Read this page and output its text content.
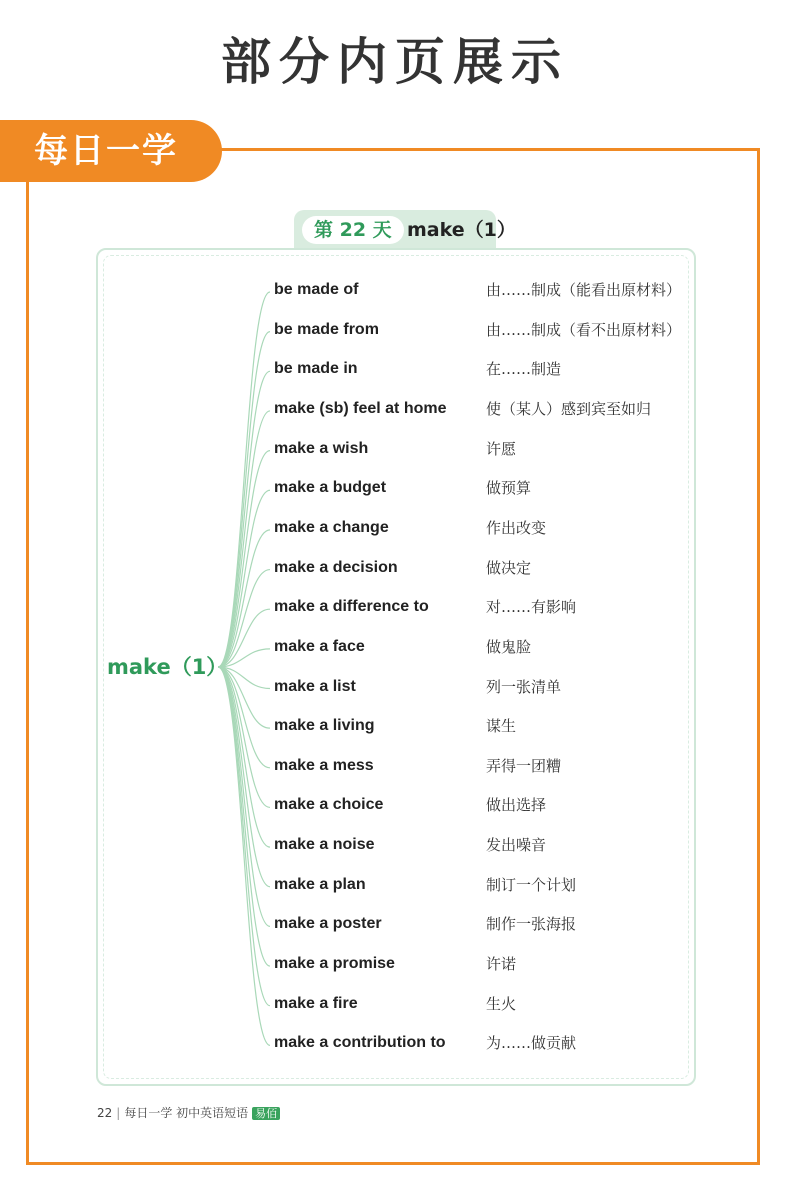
部分内页展示
每日一学
第 22 天 make（1）
make（1）
be made of	由……制成（能看出原材料）
be made from	由……制成（看不出原材料）
be made in	在……制造
make (sb) feel at home	使（某人）感到宾至如归
make a wish	许愿
make a budget	做预算
make a change	作出改变
make a decision	做决定
make a difference to	对……有影响
make a face	做鬼脸
make a list	列一张清单
make a living	谋生
make a mess	弄得一团糟
make a choice	做出选择
make a noise	发出噪音
make a plan	制订一个计划
make a poster	制作一张海报
make a promise	许诺
make a fire	生火
make a contribution to	为……做贡献
22 | 每日一学 初中英语短语 易佰
